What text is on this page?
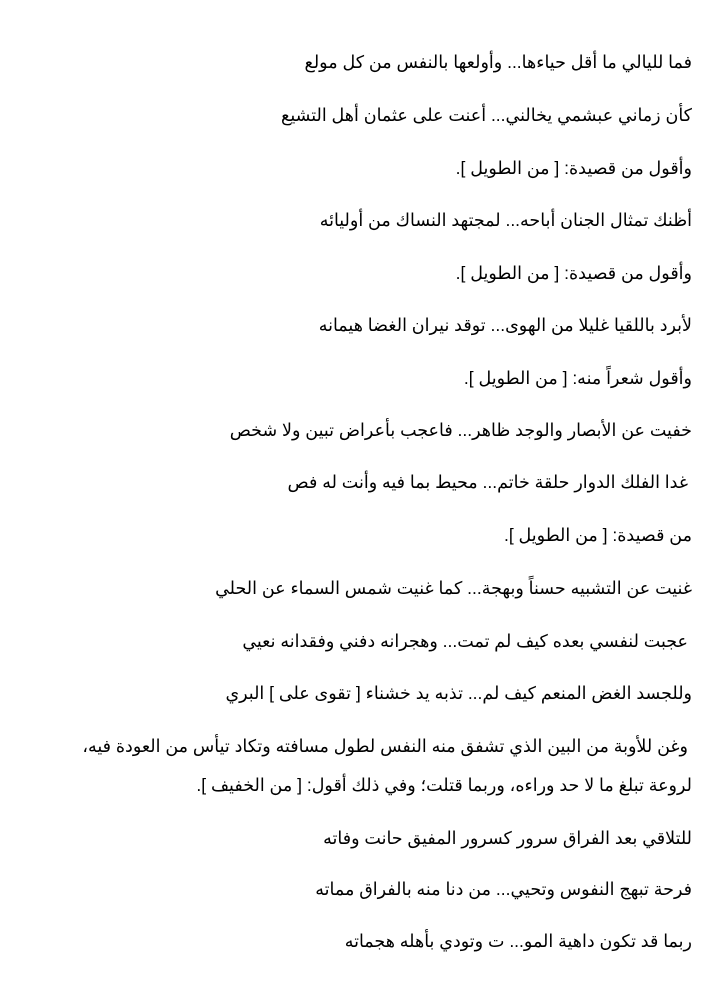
فما لليالي ما أقل حياءها... وأولعها بالنفس من كل مولع
كأن زماني عبشمي يخالني... أعنت على عثمان أهل التشيع
وأقول من قصيدة: [ من الطويل ].
أظنك تمثال الجنان أباحه... لمجتهد النساك من أوليائه
وأقول من قصيدة: [ من الطويل ].
لأبرد باللقيا غليلا من الهوى... توقد نيران الغضا هيمانه
وأقول شعراً منه: [ من الطويل ].
خفيت عن الأبصار والوجد ظاهر... فاعجب بأعراض تبين ولا شخص
غدا الفلك الدوار حلقة خاتم... محيط بما فيه وأنت له فص
من قصيدة: [ من الطويل ].
غنيت عن التشبيه حسناً وبهجة... كما غنيت شمس السماء عن الحلي
عجبت لنفسي بعده كيف لم تمت... وهجرانه دفني وفقدانه نعيي
وللجسد الغض المنعم كيف لم... تذبه يد خشناء [ تقوى على ] البري
وغن للأوبة من البين الذي تشفق منه النفس لطول مسافته وتكاد تيأس من العودة فيه،
لروعة تبلغ ما لا حد وراءه، وربما قتلت؛ وفي ذلك أقول: [ من الخفيف ].
للتلاقي بعد الفراق سرور كسرور المفيق حانت وفاته
فرحة تبهج النفوس وتحيي... من دنا منه بالفراق مماته
ربما قد تكون داهية المو... ت وتودي بأهله هجماته
